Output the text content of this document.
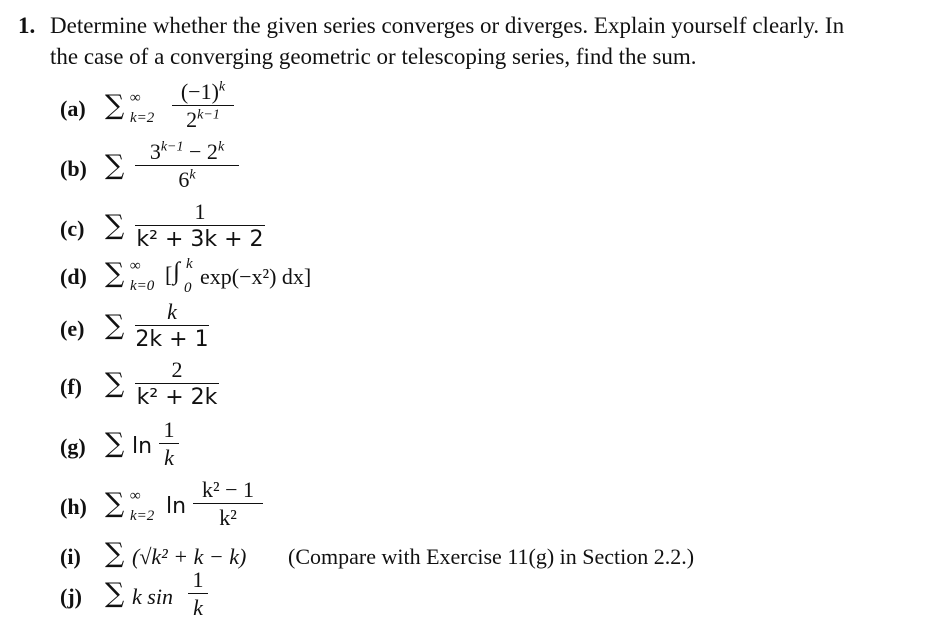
1. Determine whether the given series converges or diverges. Explain yourself clearly. In
the case of a converging geometric or telescoping series, find the sum.
(a) ∑ ∞
k=2
$(-1)^k$
$2^{k-1}$
(b) ∑	$3^{k-1} - 2^k$
6$^k$
(c) ∑	1
k² + 3k + 2
(d) ∑ ∞
k=0 [ ∫ k
0 exp(−x²) dx]
(e) ∑	k
2k + 1
(f) ∑	2
k² + 2k
(g) ∑ ln
1
k
(h) ∑ ∞
k=2 ln
k² − 1
k²
(i) ∑ (√k² + k − k) (Compare with Exercise 11(g) in Section 2.2.)
(j) ∑ k sin
1
k
